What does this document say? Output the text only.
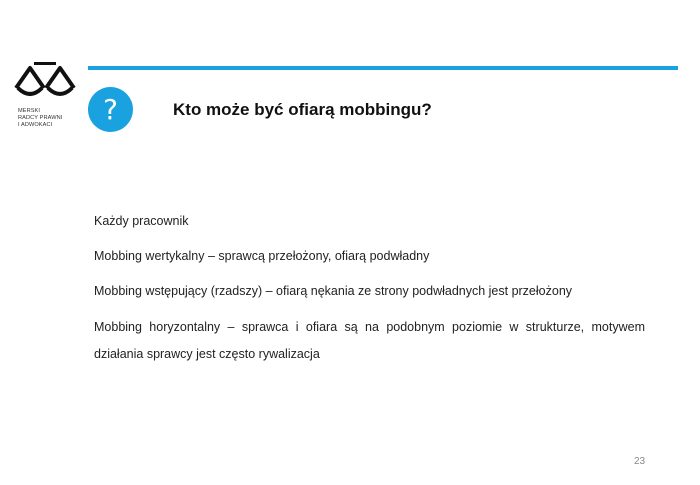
MERSKI
RADCY PRAWNI
I ADWOKACI	?	Kto może być ofiarą mobbingu?

Każdy pracownik

Mobbing wertykalny – sprawcą przełożony, ofiarą podwładny

Mobbing wstępujący (rzadszy) – ofiarą nękania ze strony podwładnych jest przełożony

Mobbing horyzontalny – sprawca i ofiara są na podobnym poziomie w strukturze, motywem działania sprawcy jest często rywalizacja

23
